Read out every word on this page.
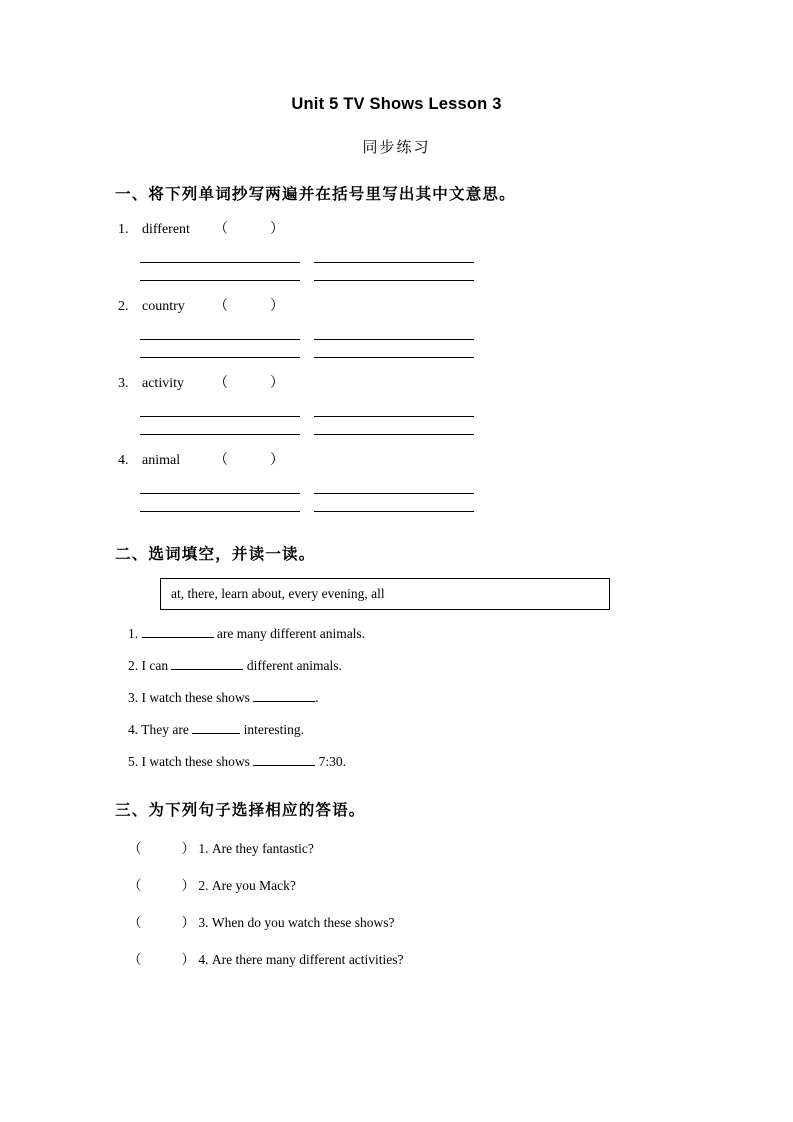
Unit 5 TV Shows Lesson 3
同步练习
一、将下列单词抄写两遍并在括号里写出其中文意思。
1. different （	）
2. country （	）
3. activity （	）
4. animal （	）
二、选词填空，并读一读。
at, there, learn about, every evening, all
1.	are many different animals.
2. I can	different animals.
3. I watch these shows	.
4. They are	interesting.
5. I watch these shows	7:30.
三、为下列句子选择相应的答语。
（	） 1. Are they fantastic?
（	） 2. Are you Mack?
（	） 3. When do you watch these shows?
（	） 4. Are there many different activities?
